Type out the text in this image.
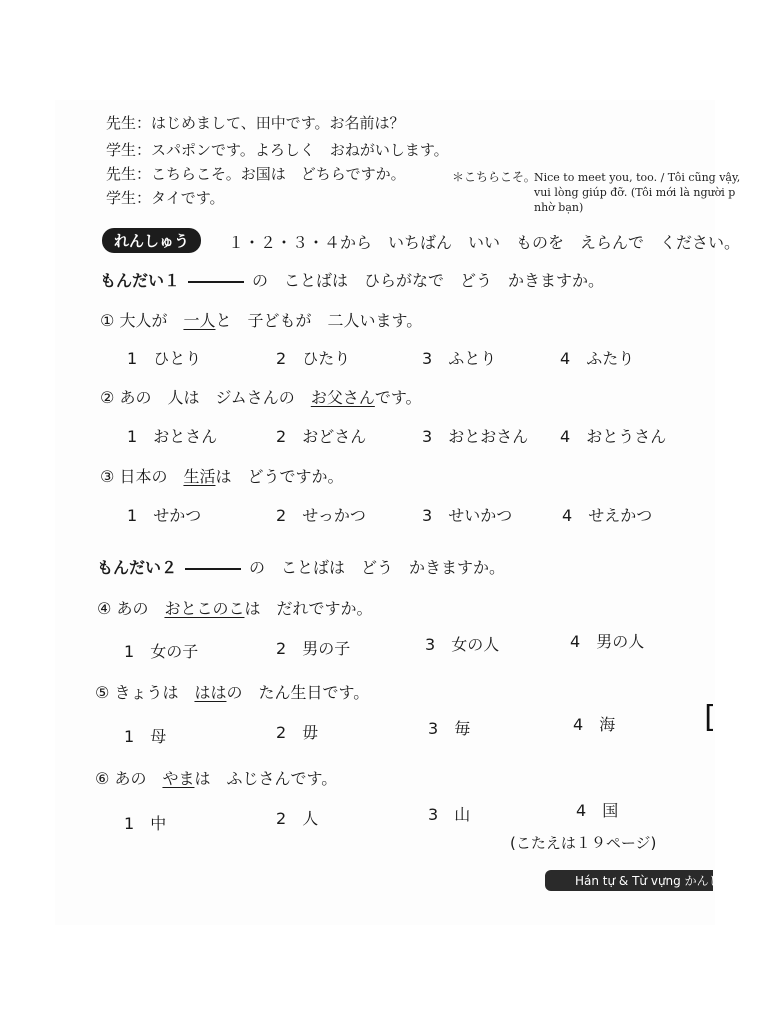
先生：はじめまして、田中です。お名前は？
学生：スパポンです。よろしく　おねがいします。
先生：こちらこそ。お国は　どちらですか。
学生：タイです。
＊こちらこそ。
Nice to meet you, too. / Tôi cũng vậy,
vui lòng giúp đỡ. (Tôi mới là người p
nhờ bạn)
れんしゅう	１・２・３・４から　いちばん　いい　ものを　えらんで　ください。
もんだい１	の　ことばは　ひらがなで　どう　かきますか。
① 大人が　一人と　子どもが　二人います。
1　 ひとり	2　 ひたり	3　 ふとり	4　 ふたり
② あの　人は　ジムさんの　お父さんです。
1　 おとさん	2　 おどさん	3　 おとおさん 4　 おとうさん
③ 日本の　生活は　どうですか。
1　 せかつ	2　 せっかつ	3　 せいかつ	4　 せえかつ
もんだい２	の　ことばは　どう　かきますか。
④ あの　おとこのこは　だれですか。
1　 女の子	2　 男の子	3　 女の人	4　 男の人
⑤ きょうは　ははの　たん生日です。
1　 母	2　 毋	3　 毎	4　 海
⑥ あの　やまは　ふじさんです。
1　 中	2　 人	3　 山	4　 国
(こたえは１９ページ)
Hán tự & Từ vựng かんじ&
[
